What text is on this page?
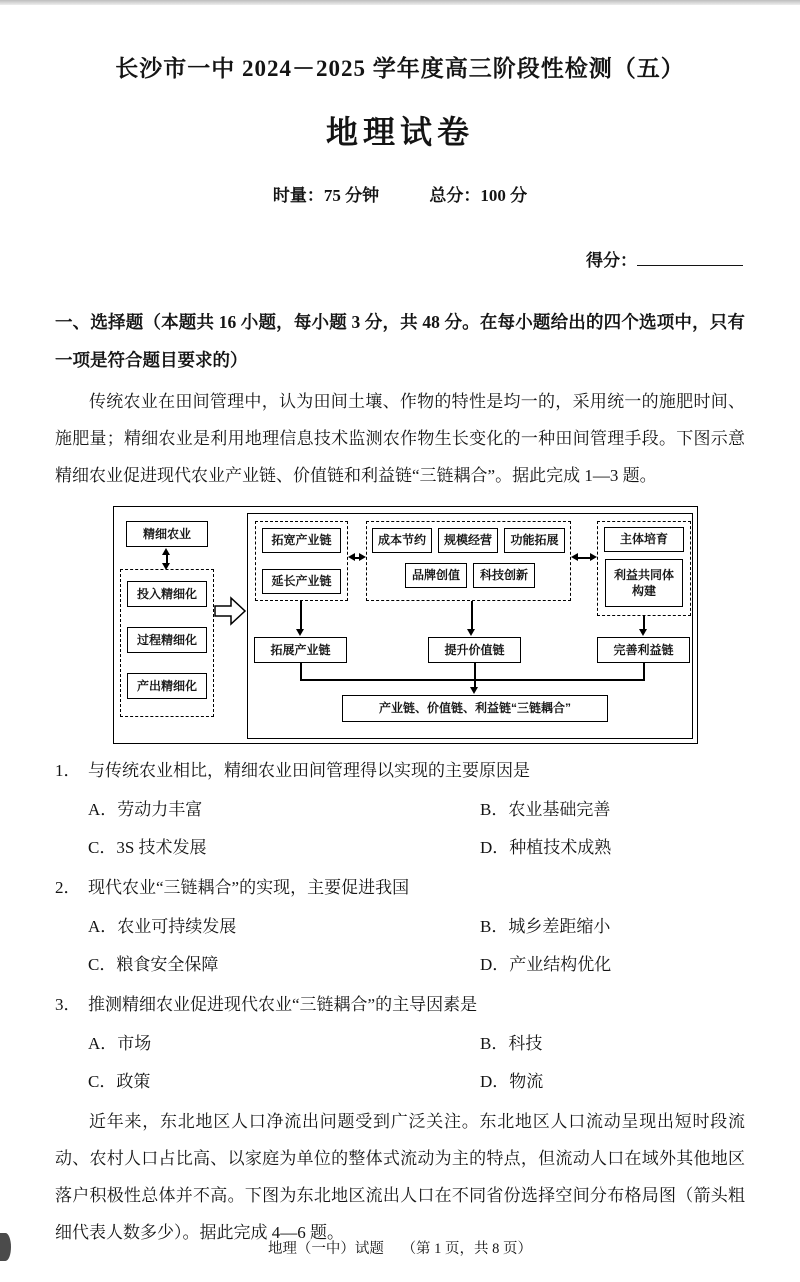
长沙市一中 2024－2025 学年度高三阶段性检测（五）
地理试卷
时量：75 分钟	总分：100 分
得分：
一、选择题（本题共 16 小题，每小题 3 分，共 48 分。在每小题给出的四个选项中，只有一项是符合题目要求的）

传统农业在田间管理中，认为田间土壤、作物的特性是均一的，采用统一的施肥时间、施肥量；精细农业是利用地理信息技术监测农作物生长变化的一种田间管理手段。下图示意精细农业促进现代农业产业链、价值链和利益链“三链耦合”。据此完成 1—3 题。

精细农业
投入精细化
过程精细化
产出精细化
拓宽产业链
延长产业链
成本节约	规模经营	功能拓展
品牌创值	科技创新
主体培育
利益共同体构建
拓展产业链	提升价值链	完善利益链
产业链、价值链、利益链“三链耦合”
1． 与传统农业相比，精细农业田间管理得以实现的主要原因是
A．劳动力丰富	B．农业基础完善
C．3S 技术发展	D．种植技术成熟
2． 现代农业“三链耦合”的实现，主要促进我国
A．农业可持续发展	B．城乡差距缩小
C．粮食安全保障	D．产业结构优化
3． 推测精细农业促进现代农业“三链耦合”的主导因素是
A．市场	B．科技
C．政策	D．物流

近年来，东北地区人口净流出问题受到广泛关注。东北地区人口流动呈现出短时段流动、农村人口占比高、以家庭为单位的整体式流动为主的特点，但流动人口在域外其他地区落户积极性总体并不高。下图为东北地区流出人口在不同省份选择空间分布格局图（箭头粗细代表人数多少）。据此完成 4—6 题。

地理（一中）试题 （第 1 页，共 8 页）
